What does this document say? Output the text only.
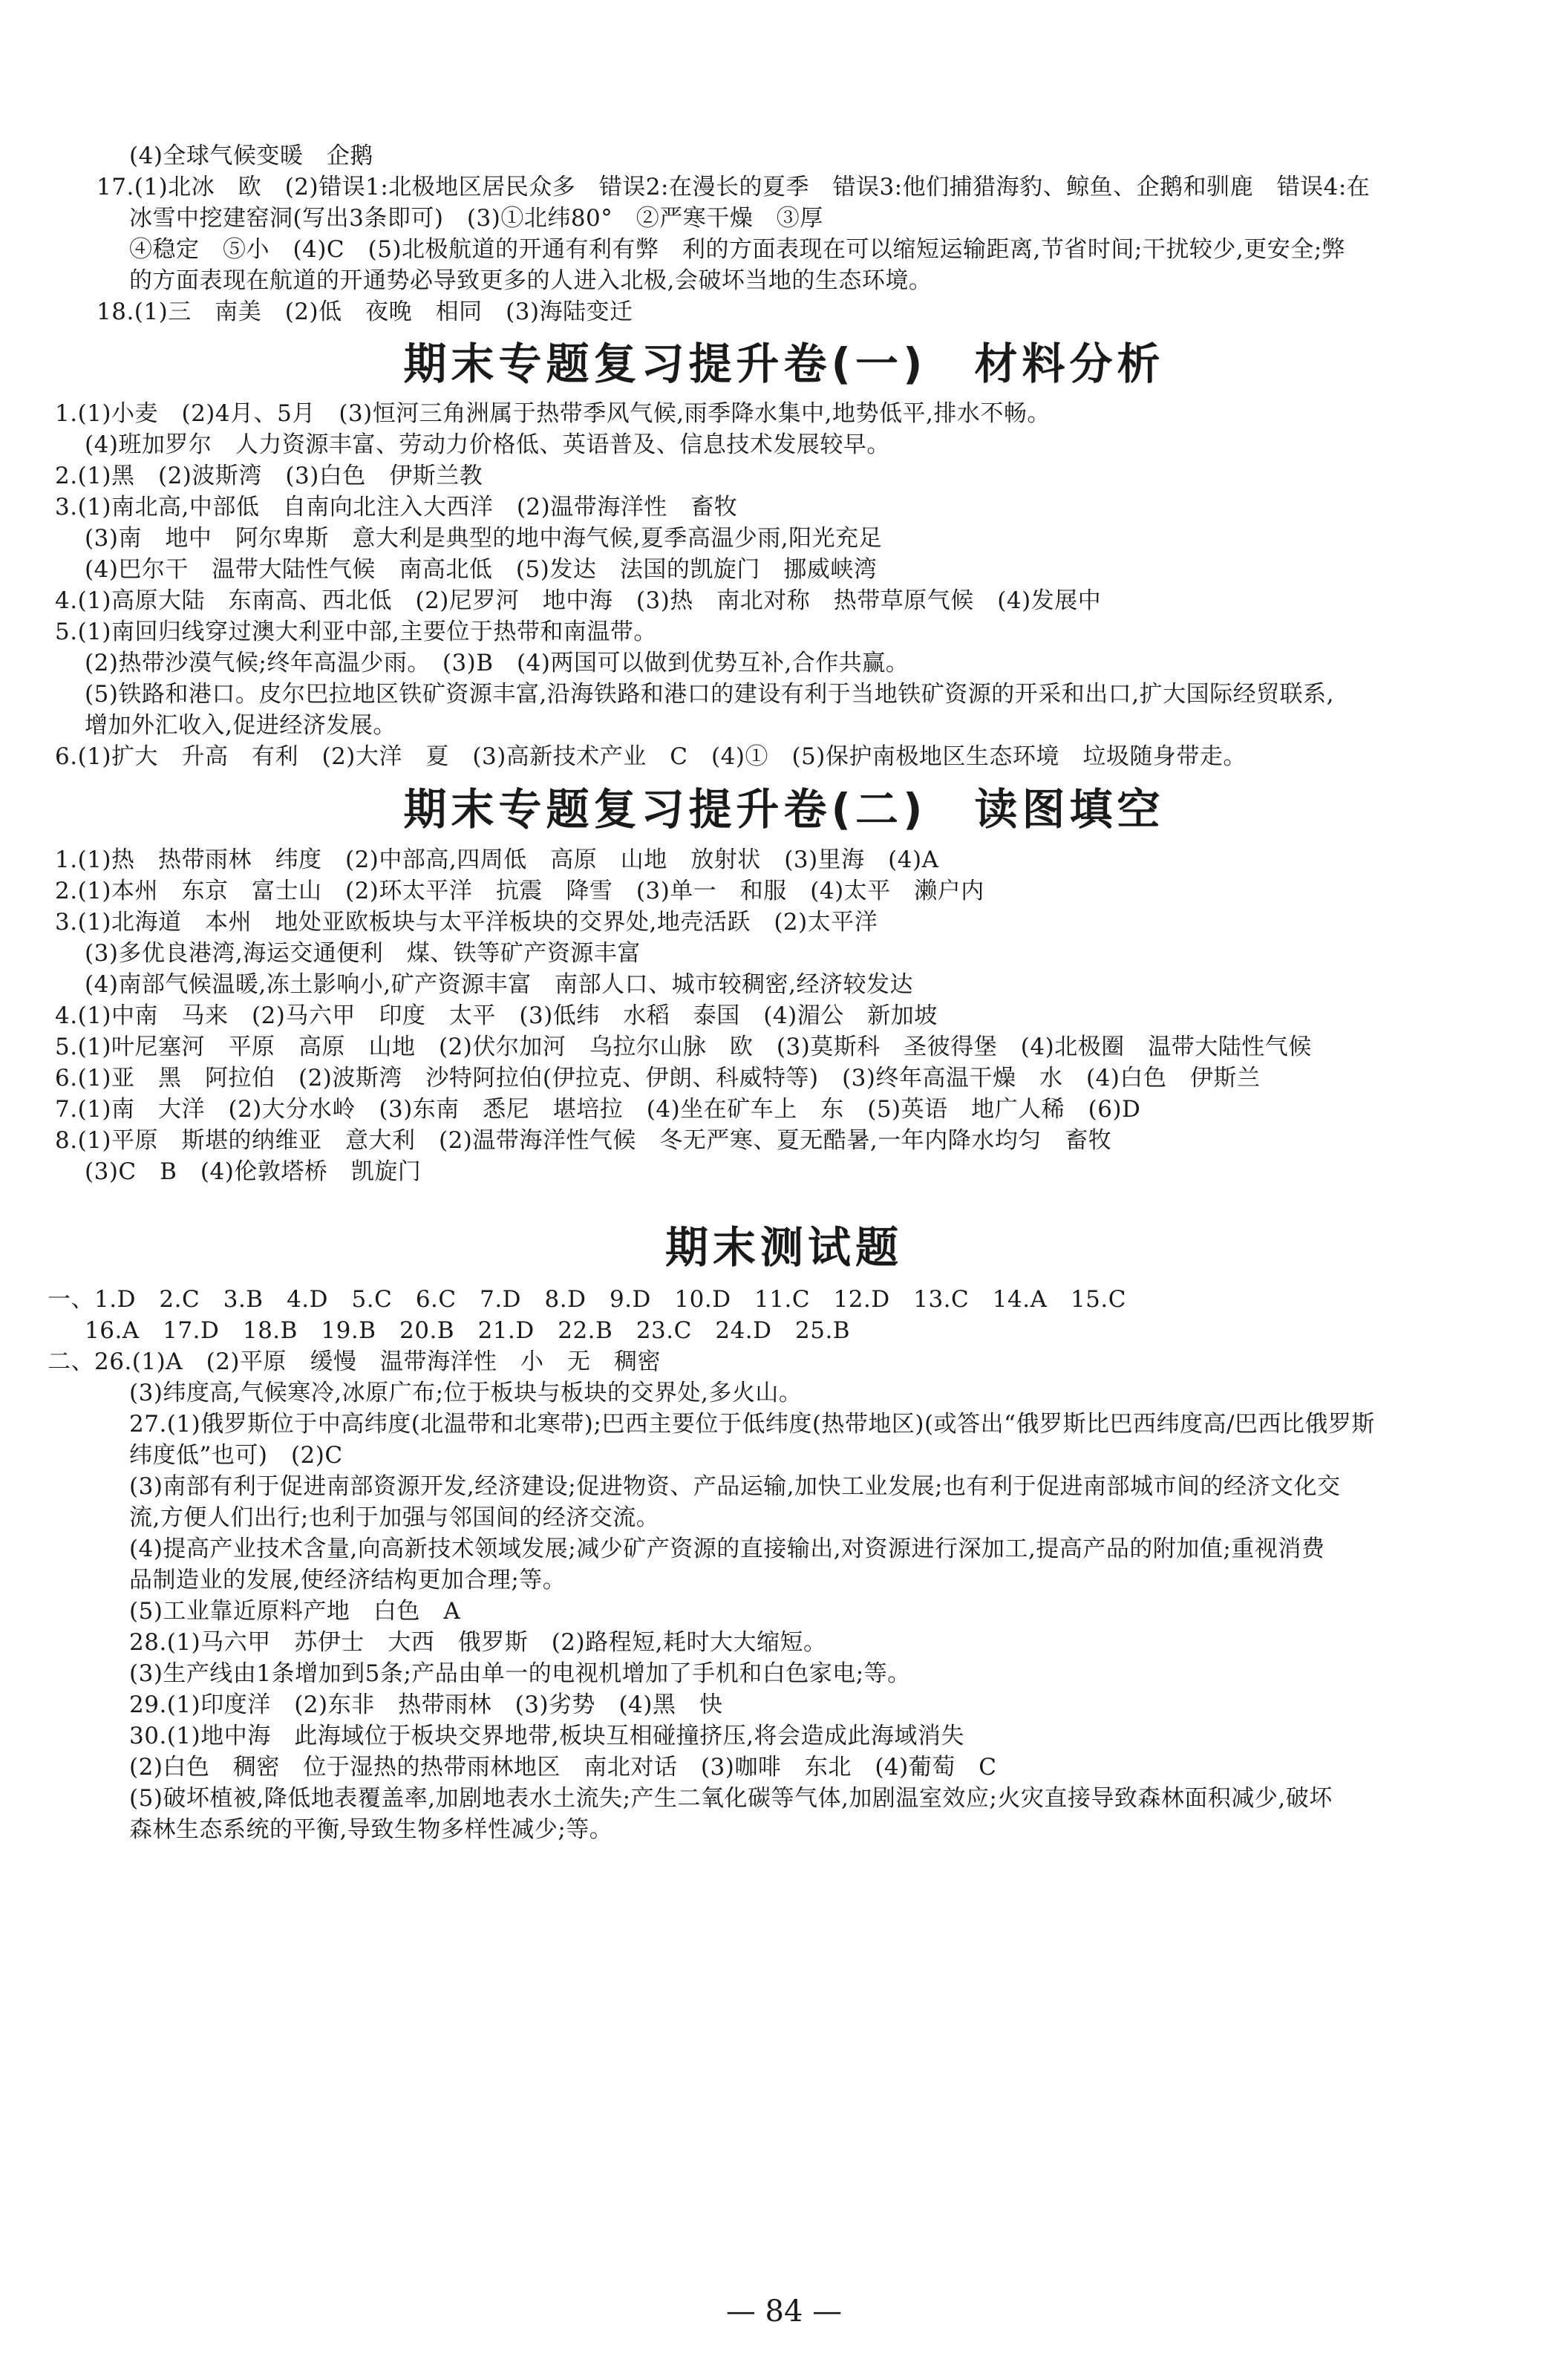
— 84 —
(4)全球气候变暖　企鹅
17.(1)北冰　欧　(2)错误1:北极地区居民众多　错误2:在漫长的夏季　错误3:他们捕猎海豹、鲸鱼、企鹅和驯鹿　错误4:在
冰雪中挖建窑洞(写出3条即可)　(3)①北纬80°　②严寒干燥　③厚
④稳定　⑤小　(4)C　(5)北极航道的开通有利有弊　利的方面表现在可以缩短运输距离,节省时间;干扰较少,更安全;弊
的方面表现在航道的开通势必导致更多的人进入北极,会破坏当地的生态环境。
18.(1)三　南美　(2)低　夜晚　相同　(3)海陆变迁
期末专题复习提升卷(一)　材料分析
1.(1)小麦　(2)4月、5月　(3)恒河三角洲属于热带季风气候,雨季降水集中,地势低平,排水不畅。
(4)班加罗尔　人力资源丰富、劳动力价格低、英语普及、信息技术发展较早。
2.(1)黑　(2)波斯湾　(3)白色　伊斯兰教
3.(1)南北高,中部低　自南向北注入大西洋　(2)温带海洋性　畜牧
(3)南　地中　阿尔卑斯　意大利是典型的地中海气候,夏季高温少雨,阳光充足
(4)巴尔干　温带大陆性气候　南高北低　(5)发达　法国的凯旋门　挪威峡湾
4.(1)高原大陆　东南高、西北低　(2)尼罗河　地中海　(3)热　南北对称　热带草原气候　(4)发展中
5.(1)南回归线穿过澳大利亚中部,主要位于热带和南温带。
(2)热带沙漠气候;终年高温少雨。　(3)B　(4)两国可以做到优势互补,合作共赢。
(5)铁路和港口。皮尔巴拉地区铁矿资源丰富,沿海铁路和港口的建设有利于当地铁矿资源的开采和出口,扩大国际经贸联系,
增加外汇收入,促进经济发展。
6.(1)扩大　升高　有利　(2)大洋　夏　(3)高新技术产业　C　(4)①　(5)保护南极地区生态环境　垃圾随身带走。
期末专题复习提升卷(二)　读图填空
1.(1)热　热带雨林　纬度　(2)中部高,四周低　高原　山地　放射状　(3)里海　(4)A
2.(1)本州　东京　富士山　(2)环太平洋　抗震　降雪　(3)单一　和服　(4)太平　濑户内
3.(1)北海道　本州　地处亚欧板块与太平洋板块的交界处,地壳活跃　(2)太平洋
(3)多优良港湾,海运交通便利　煤、铁等矿产资源丰富
(4)南部气候温暖,冻土影响小,矿产资源丰富　南部人口、城市较稠密,经济较发达
4.(1)中南　马来　(2)马六甲　印度　太平　(3)低纬　水稻　泰国　(4)湄公　新加坡
5.(1)叶尼塞河　平原　高原　山地　(2)伏尔加河　乌拉尔山脉　欧　(3)莫斯科　圣彼得堡　(4)北极圈　温带大陆性气候
6.(1)亚　黑　阿拉伯　(2)波斯湾　沙特阿拉伯(伊拉克、伊朗、科威特等)　(3)终年高温干燥　水　(4)白色　伊斯兰
7.(1)南　大洋　(2)大分水岭　(3)东南　悉尼　堪培拉　(4)坐在矿车上　东　(5)英语　地广人稀　(6)D
8.(1)平原　斯堪的纳维亚　意大利　(2)温带海洋性气候　冬无严寒、夏无酷暑,一年内降水均匀　畜牧
(3)C　B　(4)伦敦塔桥　凯旋门
期末测试题
一、1.D　2.C　3.B　4.D　5.C　6.C　7.D　8.D　9.D　10.D　11.C　12.D　13.C　14.A　15.C
16.A　17.D　18.B　19.B　20.B　21.D　22.B　23.C　24.D　25.B
二、26.(1)A　(2)平原　缓慢　温带海洋性　小　无　稠密
(3)纬度高,气候寒冷,冰原广布;位于板块与板块的交界处,多火山。
27.(1)俄罗斯位于中高纬度(北温带和北寒带);巴西主要位于低纬度(热带地区)(或答出“俄罗斯比巴西纬度高/巴西比俄罗斯
纬度低”也可)　(2)C
(3)南部有利于促进南部资源开发,经济建设;促进物资、产品运输,加快工业发展;也有利于促进南部城市间的经济文化交
流,方便人们出行;也利于加强与邻国间的经济交流。
(4)提高产业技术含量,向高新技术领域发展;减少矿产资源的直接输出,对资源进行深加工,提高产品的附加值;重视消费
品制造业的发展,使经济结构更加合理;等。
(5)工业靠近原料产地　白色　A
28.(1)马六甲　苏伊士　大西　俄罗斯　(2)路程短,耗时大大缩短。
(3)生产线由1条增加到5条;产品由单一的电视机增加了手机和白色家电;等。
29.(1)印度洋　(2)东非　热带雨林　(3)劣势　(4)黑　快
30.(1)地中海　此海域位于板块交界地带,板块互相碰撞挤压,将会造成此海域消失
(2)白色　稠密　位于湿热的热带雨林地区　南北对话　(3)咖啡　东北　(4)葡萄　C
(5)破坏植被,降低地表覆盖率,加剧地表水土流失;产生二氧化碳等气体,加剧温室效应;火灾直接导致森林面积减少,破坏
森林生态系统的平衡,导致生物多样性减少;等。
